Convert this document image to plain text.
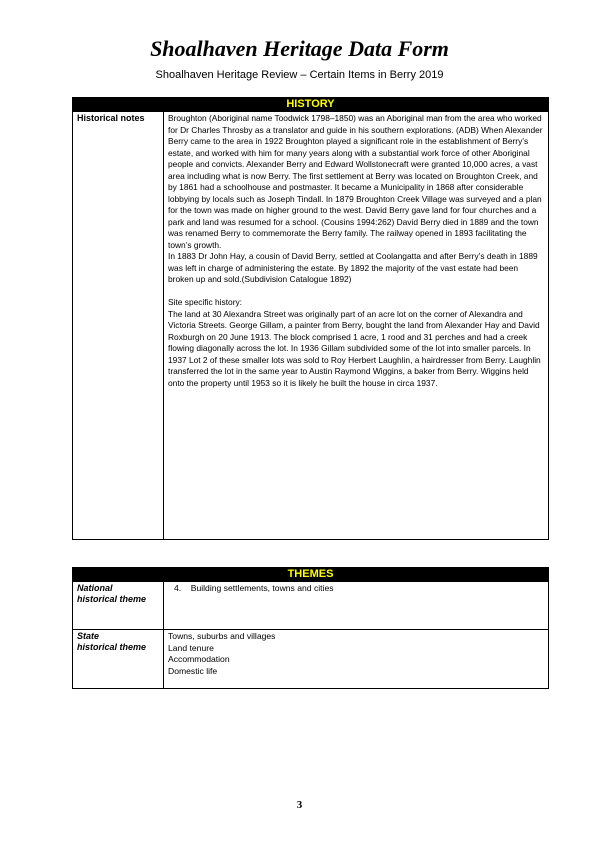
Shoalhaven Heritage Data Form
Shoalhaven Heritage Review – Certain Items in Berry 2019
HISTORY
Historical notes	Broughton (Aboriginal name Toodwick 1798–1850) was an Aboriginal man from the area who worked for Dr Charles Throsby as a translator and guide in his southern explorations. (ADB) When Alexander Berry came to the area in 1922 Broughton played a significant role in the establishment of Berry’s estate, and worked with him for many years along with a substantial work force of other Aboriginal people and convicts. Alexander Berry and Edward Wollstonecraft were granted 10,000 acres, a vast area including what is now Berry. The first settlement at Berry was located on Broughton Creek, and by 1861 had a schoolhouse and postmaster. It became a Municipality in 1868 after considerable lobbying by locals such as Joseph Tindall. In 1879 Broughton Creek Village was surveyed and a plan for the town was made on higher ground to the west. David Berry gave land for four churches and a park and land was resumed for a school. (Cousins 1994:262) David Berry died in 1889 and the town was renamed Berry to commemorate the Berry family. The railway opened in 1893 facilitating the town’s growth.

In 1883 Dr John Hay, a cousin of David Berry, settled at Coolangatta and after Berry’s death in 1889 was left in charge of administering the estate. By 1892 the majority of the vast estate had been broken up and sold.(Subdivision Catalogue 1892)

Site specific history:

The land at 30 Alexandra Street was originally part of an acre lot on the corner of Alexandra and Victoria Streets. George Gillam, a painter from Berry, bought the land from Alexander Hay and David Roxburgh on 20 June 1913. The block comprised 1 acre, 1 rood and 31 perches and had a creek flowing diagonally across the lot. In 1936 Gillam subdivided some of the lot into smaller parcels. In 1937 Lot 2 of these smaller lots was sold to Roy Herbert Laughlin, a hairdresser from Berry. Laughlin transferred the lot in the same year to Austin Raymond Wiggins, a baker from Berry. Wiggins held onto the property until 1953 so it is likely he built the house in circa 1937.

THEMES
National
historical theme
4.    Building settlements, towns and cities
State
historical theme
Towns, suburbs and villages
Land tenure
Accommodation
Domestic life
3
